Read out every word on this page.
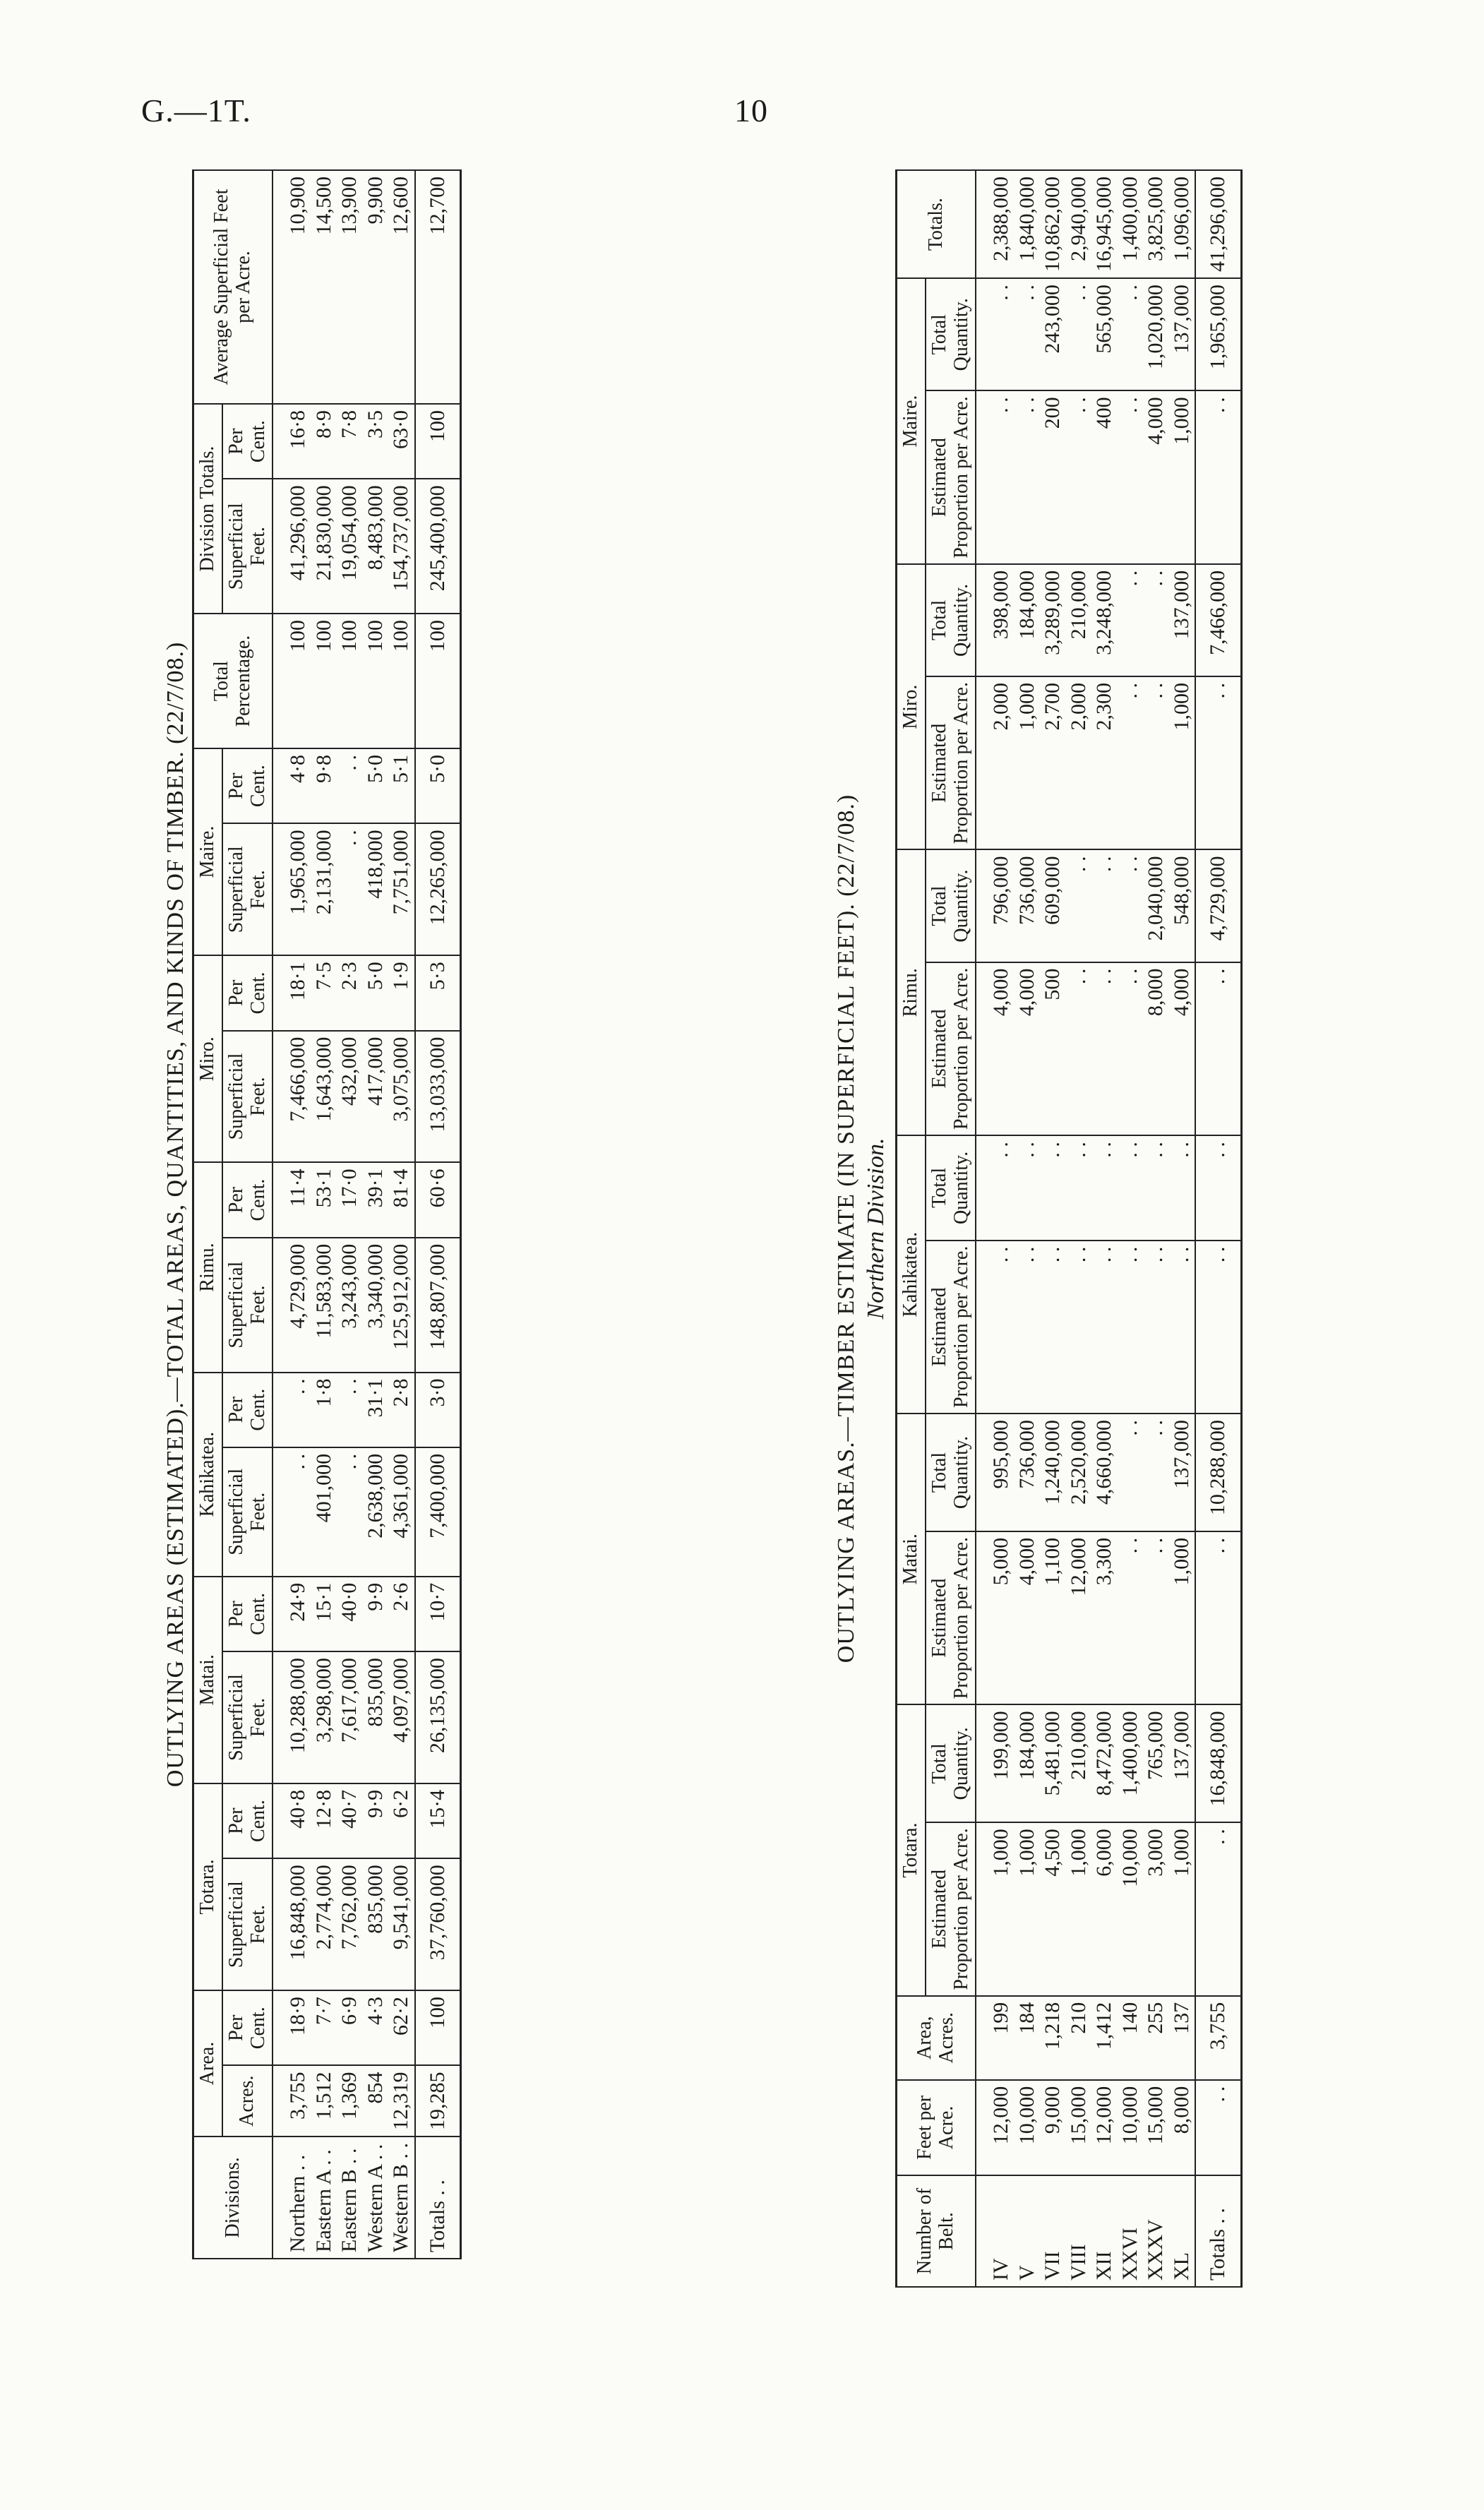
G.—1T.	10
OUTLYING AREAS (ESTIMATED).—TOTAL AREAS, QUANTITIES, AND KINDS OF TIMBER. (22/7/08.)
Divisions.	Area.		Totara.		Matai.		Kahikatea.		Rimu.		Miro.		Maire.		Total Percentage.	Division Totals.		Average Superficial Feet per Acre.
	Acres.	Per Cent.	Superficial Feet.	Per Cent.	Superficial Feet.	Per Cent.	Superficial Feet.	Per Cent.	Superficial Feet.	Per Cent.	Superficial Feet.	Per Cent.	Superficial Feet.	Per Cent.		Superficial Feet.	Per Cent.	
Northern . .	3,755	18·9	16,848,000	40·8	10,288,000	24·9	. .	. .	4,729,000	11·4	7,466,000	18·1	1,965,000	4·8	100	41,296,000	16·8	10,900
Eastern A . .	1,512	7·7	2,774,000	12·8	3,298,000	15·1	401,000	1·8	11,583,000	53·1	1,643,000	7·5	2,131,000	9·8	100	21,830,000	8·9	14,500
Eastern B . .	1,369	6·9	7,762,000	40·7	7,617,000	40·0	. .	. .	3,243,000	17·0	432,000	2·3	. .	. .	100	19,054,000	7·8	13,900
Western A . .	854	4·3	835,000	9·9	835,000	9·9	2,638,000	31·1	3,340,000	39·1	417,000	5·0	418,000	5·0	100	8,483,000	3·5	9,900
Western B . .	12,319	62·2	9,541,000	6·2	4,097,000	2·6	4,361,000	2·8	125,912,000	81·4	3,075,000	1·9	7,751,000	5·1	100	154,737,000	63·0	12,600
Totals . .	19,285	100	37,760,000	15·4	26,135,000	10·7	7,400,000	3·0	148,807,000	60·6	13,033,000	5·3	12,265,000	5·0	100	245,400,000	100	12,700
OUTLYING AREAS.—TIMBER ESTIMATE (IN SUPERFICIAL FEET). (22/7/08.) Northern Division.
Number of Belt.	Feet per Acre.	Area, Acres.	Totara.		Matai.		Kahikatea.		Rimu.		Miro.		Maire.		Totals.
			Estimated Proportion per Acre.	Total Quantity.	Estimated Proportion per Acre.	Total Quantity.	Estimated Proportion per Acre.	Total Quantity.	Estimated Proportion per Acre.	Total Quantity.	Estimated Proportion per Acre.	Total Quantity.	Estimated Proportion per Acre.	Total Quantity.	
IV	12,000	199	1,000	199,000	5,000	995,000	. .	. .	4,000	796,000	2,000	398,000	. .	. .	2,388,000
V	10,000	184	1,000	184,000	4,000	736,000	. .	. .	4,000	736,000	1,000	184,000	. .	. .	1,840,000
VII	9,000	1,218	4,500	5,481,000	1,100	1,240,000	. .	. .	500	609,000	2,700	3,289,000	200	243,000	10,862,000
VIII	15,000	210	1,000	210,000	12,000	2,520,000	. .	. .	. .	. .	2,000	210,000	. .	. .	2,940,000
XII	12,000	1,412	6,000	8,472,000	3,300	4,660,000	. .	. .	. .	. .	2,300	3,248,000	400	565,000	16,945,000
XXVI	10,000	140	10,000	1,400,000	. .	. .	. .	. .	. .	. .	. .	. .	. .	. .	1,400,000
XXXV	15,000	255	3,000	765,000	. .	. .	. .	. .	8,000	2,040,000	. .	. .	4,000	1,020,000	3,825,000
XL	8,000	137	1,000	137,000	1,000	137,000	. .	. .	4,000	548,000	1,000	137,000	1,000	137,000	1,096,000
Totals . .	. .	3,755	. .	16,848,000	. .	10,288,000	. .	. .	. .	4,729,000	. .	7,466,000	. .	1,965,000	41,296,000
